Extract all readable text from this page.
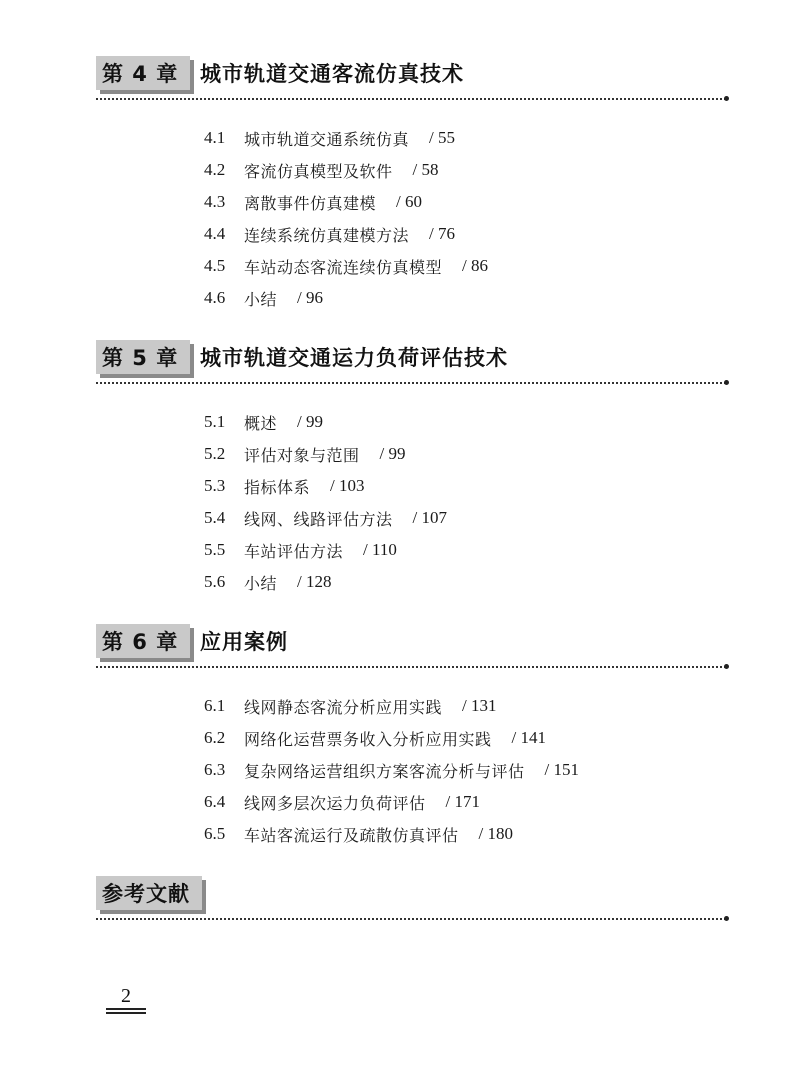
第 4 章	城市轨道交通客流仿真技术
4.1	城市轨道交通系统仿真 / 55
4.2	客流仿真模型及软件 / 58
4.3	离散事件仿真建模 / 60
4.4	连续系统仿真建模方法 / 76
4.5	车站动态客流连续仿真模型 / 86
4.6	小结 / 96
第 5 章	城市轨道交通运力负荷评估技术
5.1	概述 / 99
5.2	评估对象与范围 / 99
5.3	指标体系 / 103
5.4	线网、线路评估方法 / 107
5.5	车站评估方法 / 110
5.6	小结 / 128
第 6 章	应用案例
6.1	线网静态客流分析应用实践 / 131
6.2	网络化运营票务收入分析应用实践 / 141
6.3	复杂网络运营组织方案客流分析与评估 / 151
6.4	线网多层次运力负荷评估 / 171
6.5	车站客流运行及疏散仿真评估 / 180
参考文献
2
